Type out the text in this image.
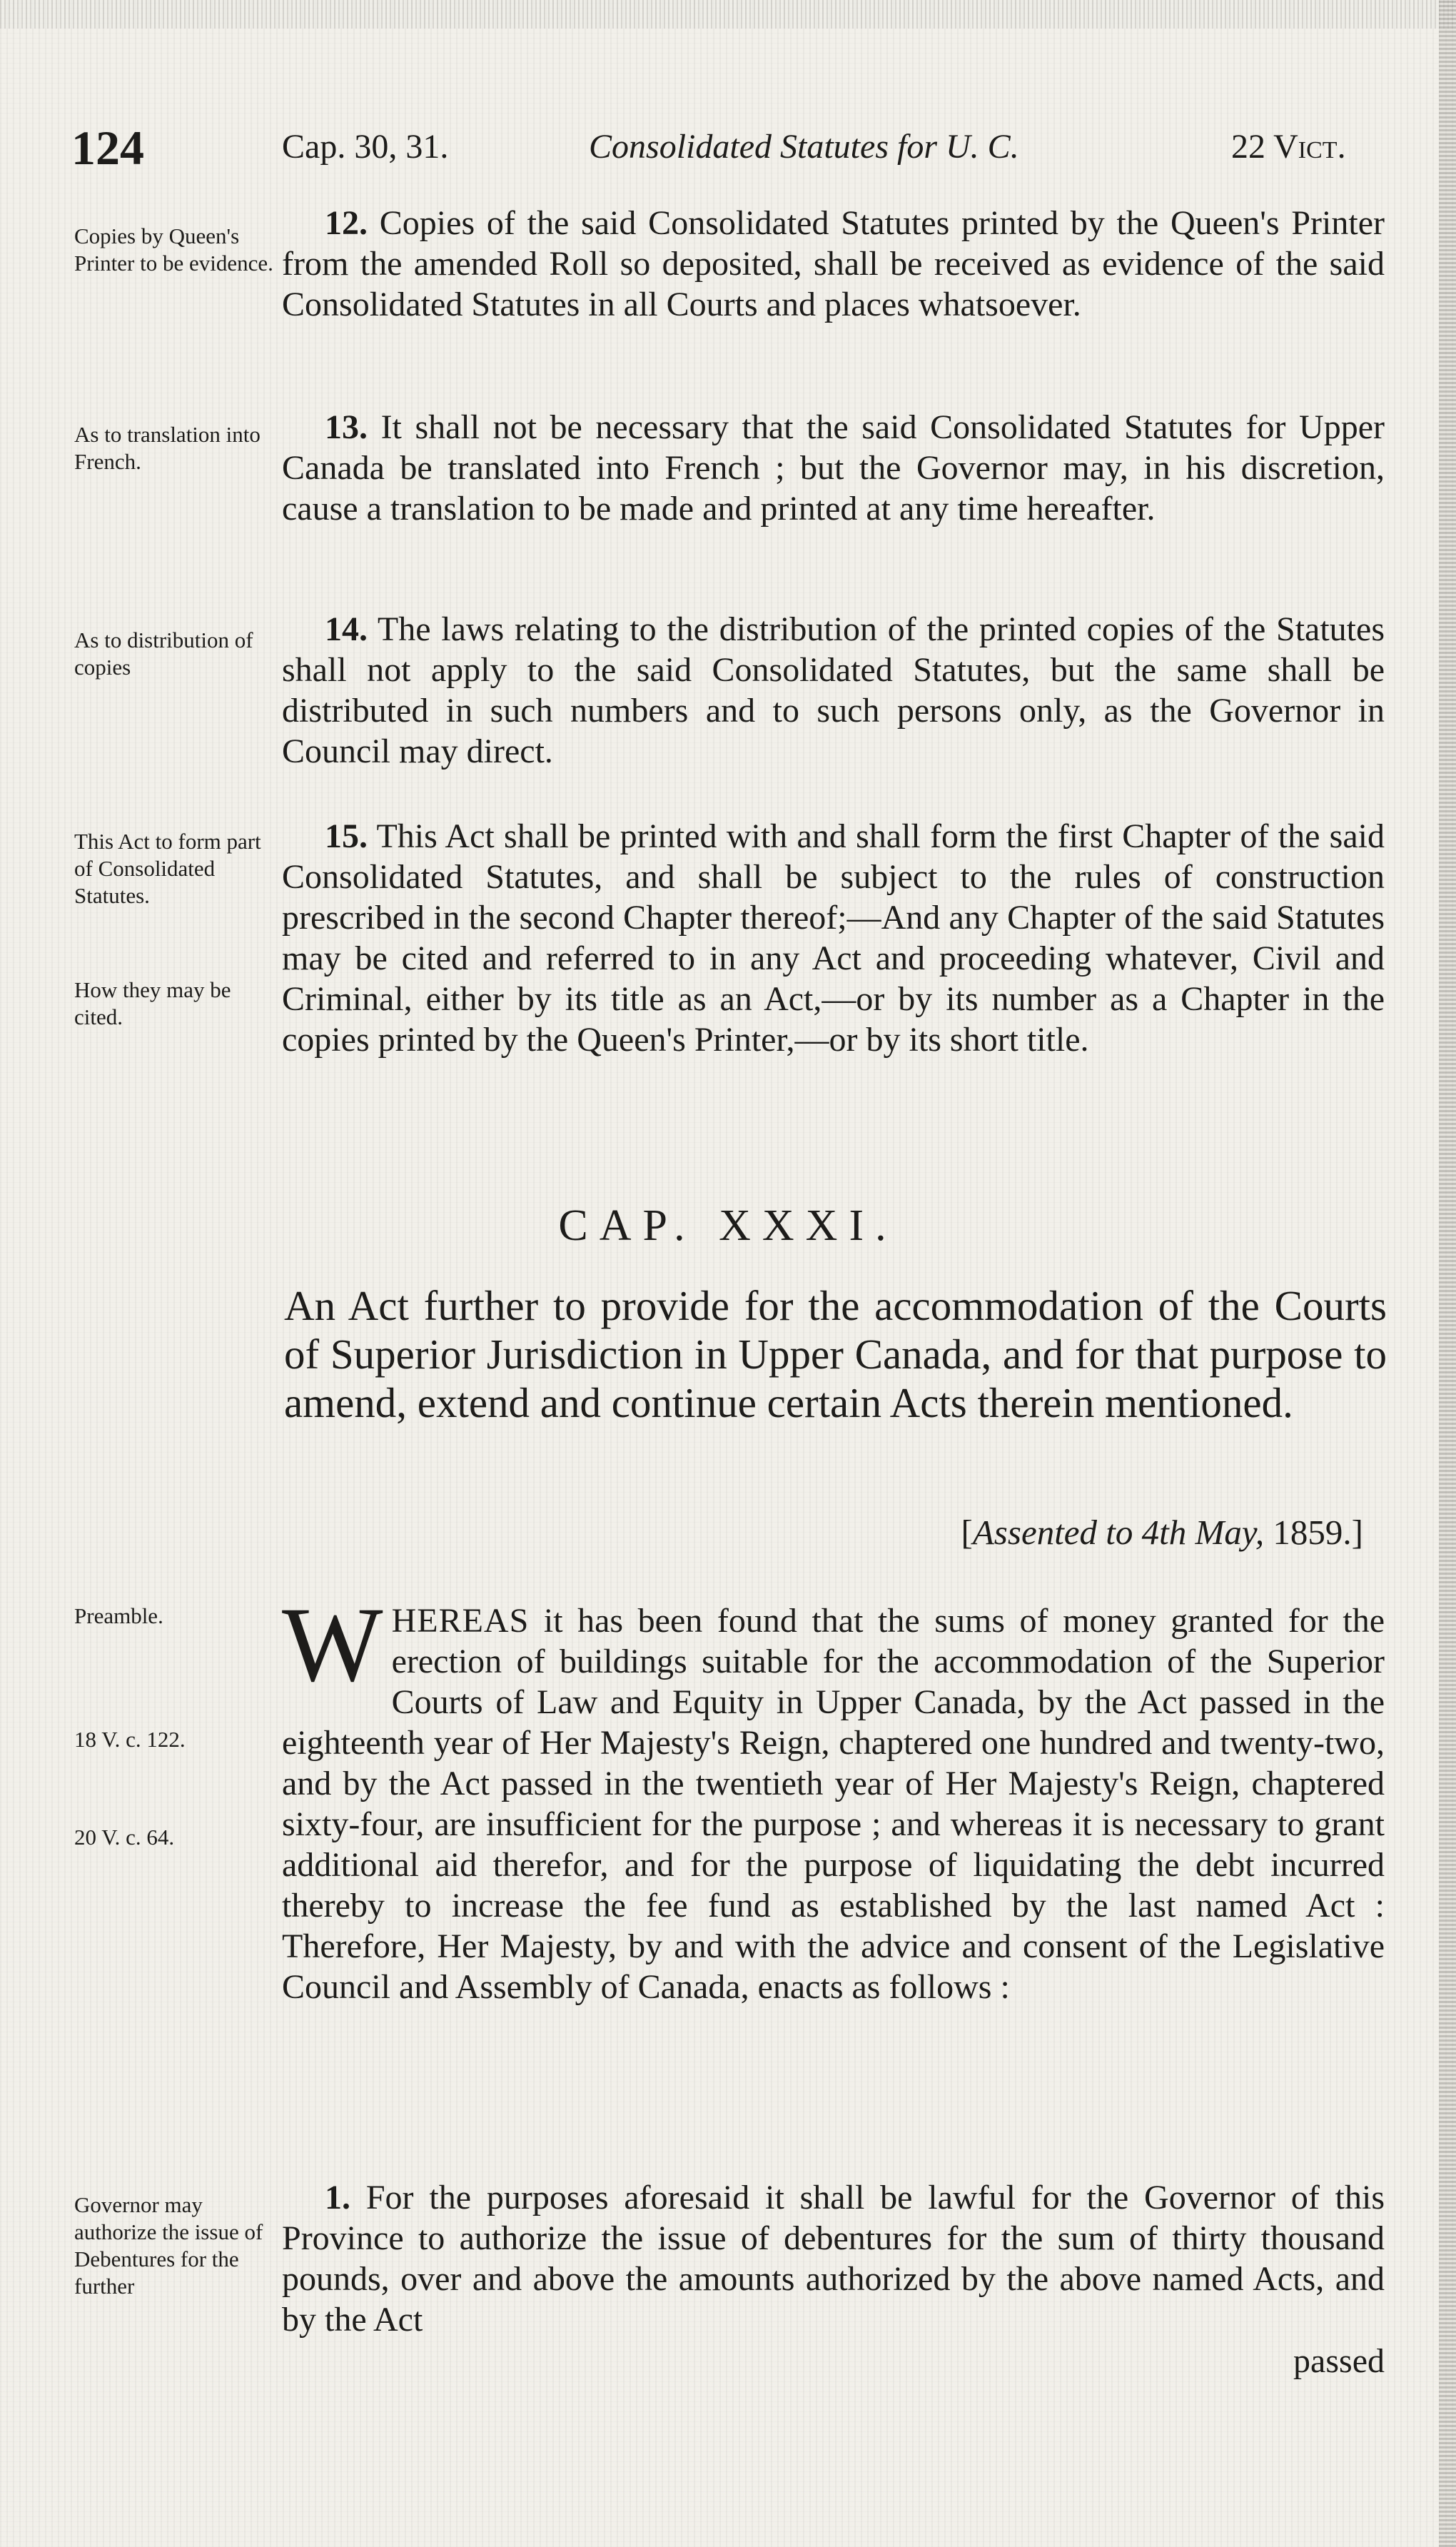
124	Cap. 30, 31.	Consolidated Statutes for U. C.	22 Vict.
Copies by Queen's Printer to be evidence.
12. Copies of the said Consolidated Statutes printed by the Queen's Printer from the amended Roll so deposited, shall be received as evidence of the said Consolidated Statutes in all Courts and places whatsoever.
As to translation into French.
13. It shall not be necessary that the said Consolidated Statutes for Upper Canada be translated into French ; but the Governor may, in his discretion, cause a translation to be made and printed at any time hereafter.
As to distribution of copies
14. The laws relating to the distribution of the printed copies of the Statutes shall not apply to the said Consolidated Statutes, but the same shall be distributed in such numbers and to such persons only, as the Governor in Council may direct.
This Act to form part of Consolidated Statutes.
How they may be cited.
15. This Act shall be printed with and shall form the first Chapter of the said Consolidated Statutes, and shall be subject to the rules of construction prescribed in the second Chapter thereof;—And any Chapter of the said Statutes may be cited and referred to in any Act and proceeding whatever, Civil and Criminal, either by its title as an Act,—or by its number as a Chapter in the copies printed by the Queen's Printer,—or by its short title.
CAP. XXXI.
An Act further to provide for the accommodation of the Courts of Superior Jurisdiction in Upper Canada, and for that purpose to amend, extend and continue certain Acts therein mentioned.
[Assented to 4th May, 1859.]
Preamble.
18 V. c. 122.
20 V. c. 64.
WHEREAS it has been found that the sums of money granted for the erection of buildings suitable for the accommodation of the Superior Courts of Law and Equity in Upper Canada, by the Act passed in the eighteenth year of Her Majesty's Reign, chaptered one hundred and twenty-two, and by the Act passed in the twentieth year of Her Majesty's Reign, chaptered sixty-four, are insufficient for the purpose ; and whereas it is necessary to grant additional aid therefor, and for the purpose of liquidating the debt incurred thereby to increase the fee fund as established by the last named Act : Therefore, Her Majesty, by and with the advice and consent of the Legislative Council and Assembly of Canada, enacts as follows :
Governor may authorize the issue of Debentures for the further
1. For the purposes aforesaid it shall be lawful for the Governor of this Province to authorize the issue of debentures for the sum of thirty thousand pounds, over and above the amounts authorized by the above named Acts, and by the Act
passed
